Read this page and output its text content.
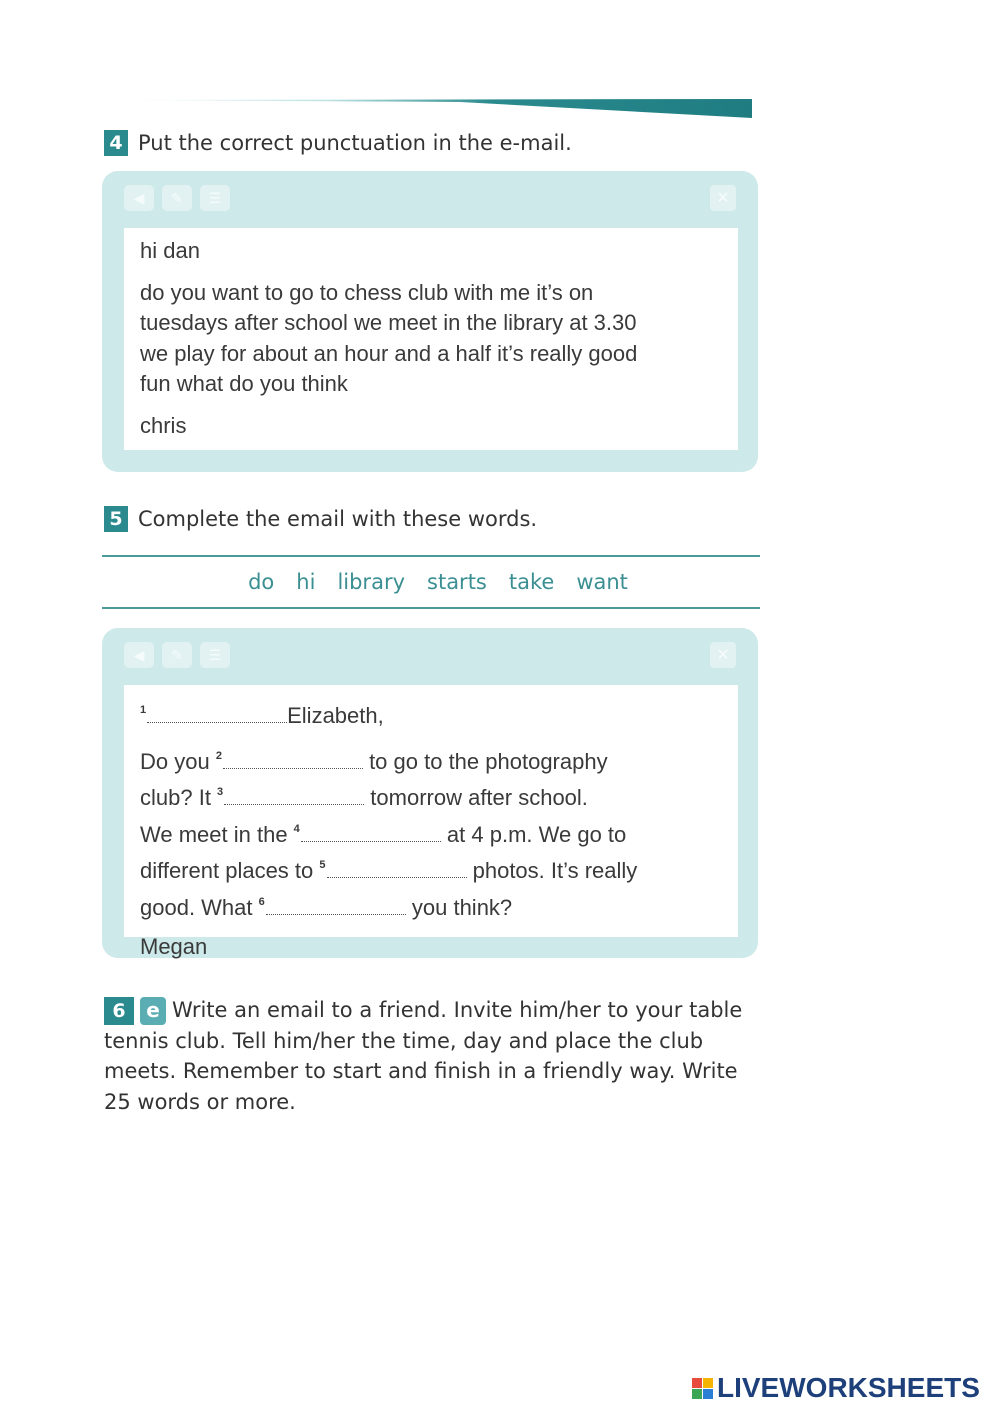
4 Put the correct punctuation in the e-mail.
◀	✎	☰	×

hi dan

do you want to go to chess club with me it’s on

tuesdays after school we meet in the library at 3.30

we play for about an hour and a half it’s really good

fun what do you think

chris

5 Complete the email with these words.
do hi library starts take want
◀	✎	☰	×

$^1$	Elizabeth,

Do you $^2$	to go to the photography

club? It $^3$	tomorrow after school.

We meet in the $^4$	at 4 p.m. We go to

different places to $^5$	photos. It’s really

good. What $^6$	you think?

Megan

6 e Write an email to a friend. Invite him/her to your table tennis club. Tell him/her the time, day and place the club meets. Remember to start and finish in a friendly way. Write 25 words or more.
LIVEWORKSHEETS
